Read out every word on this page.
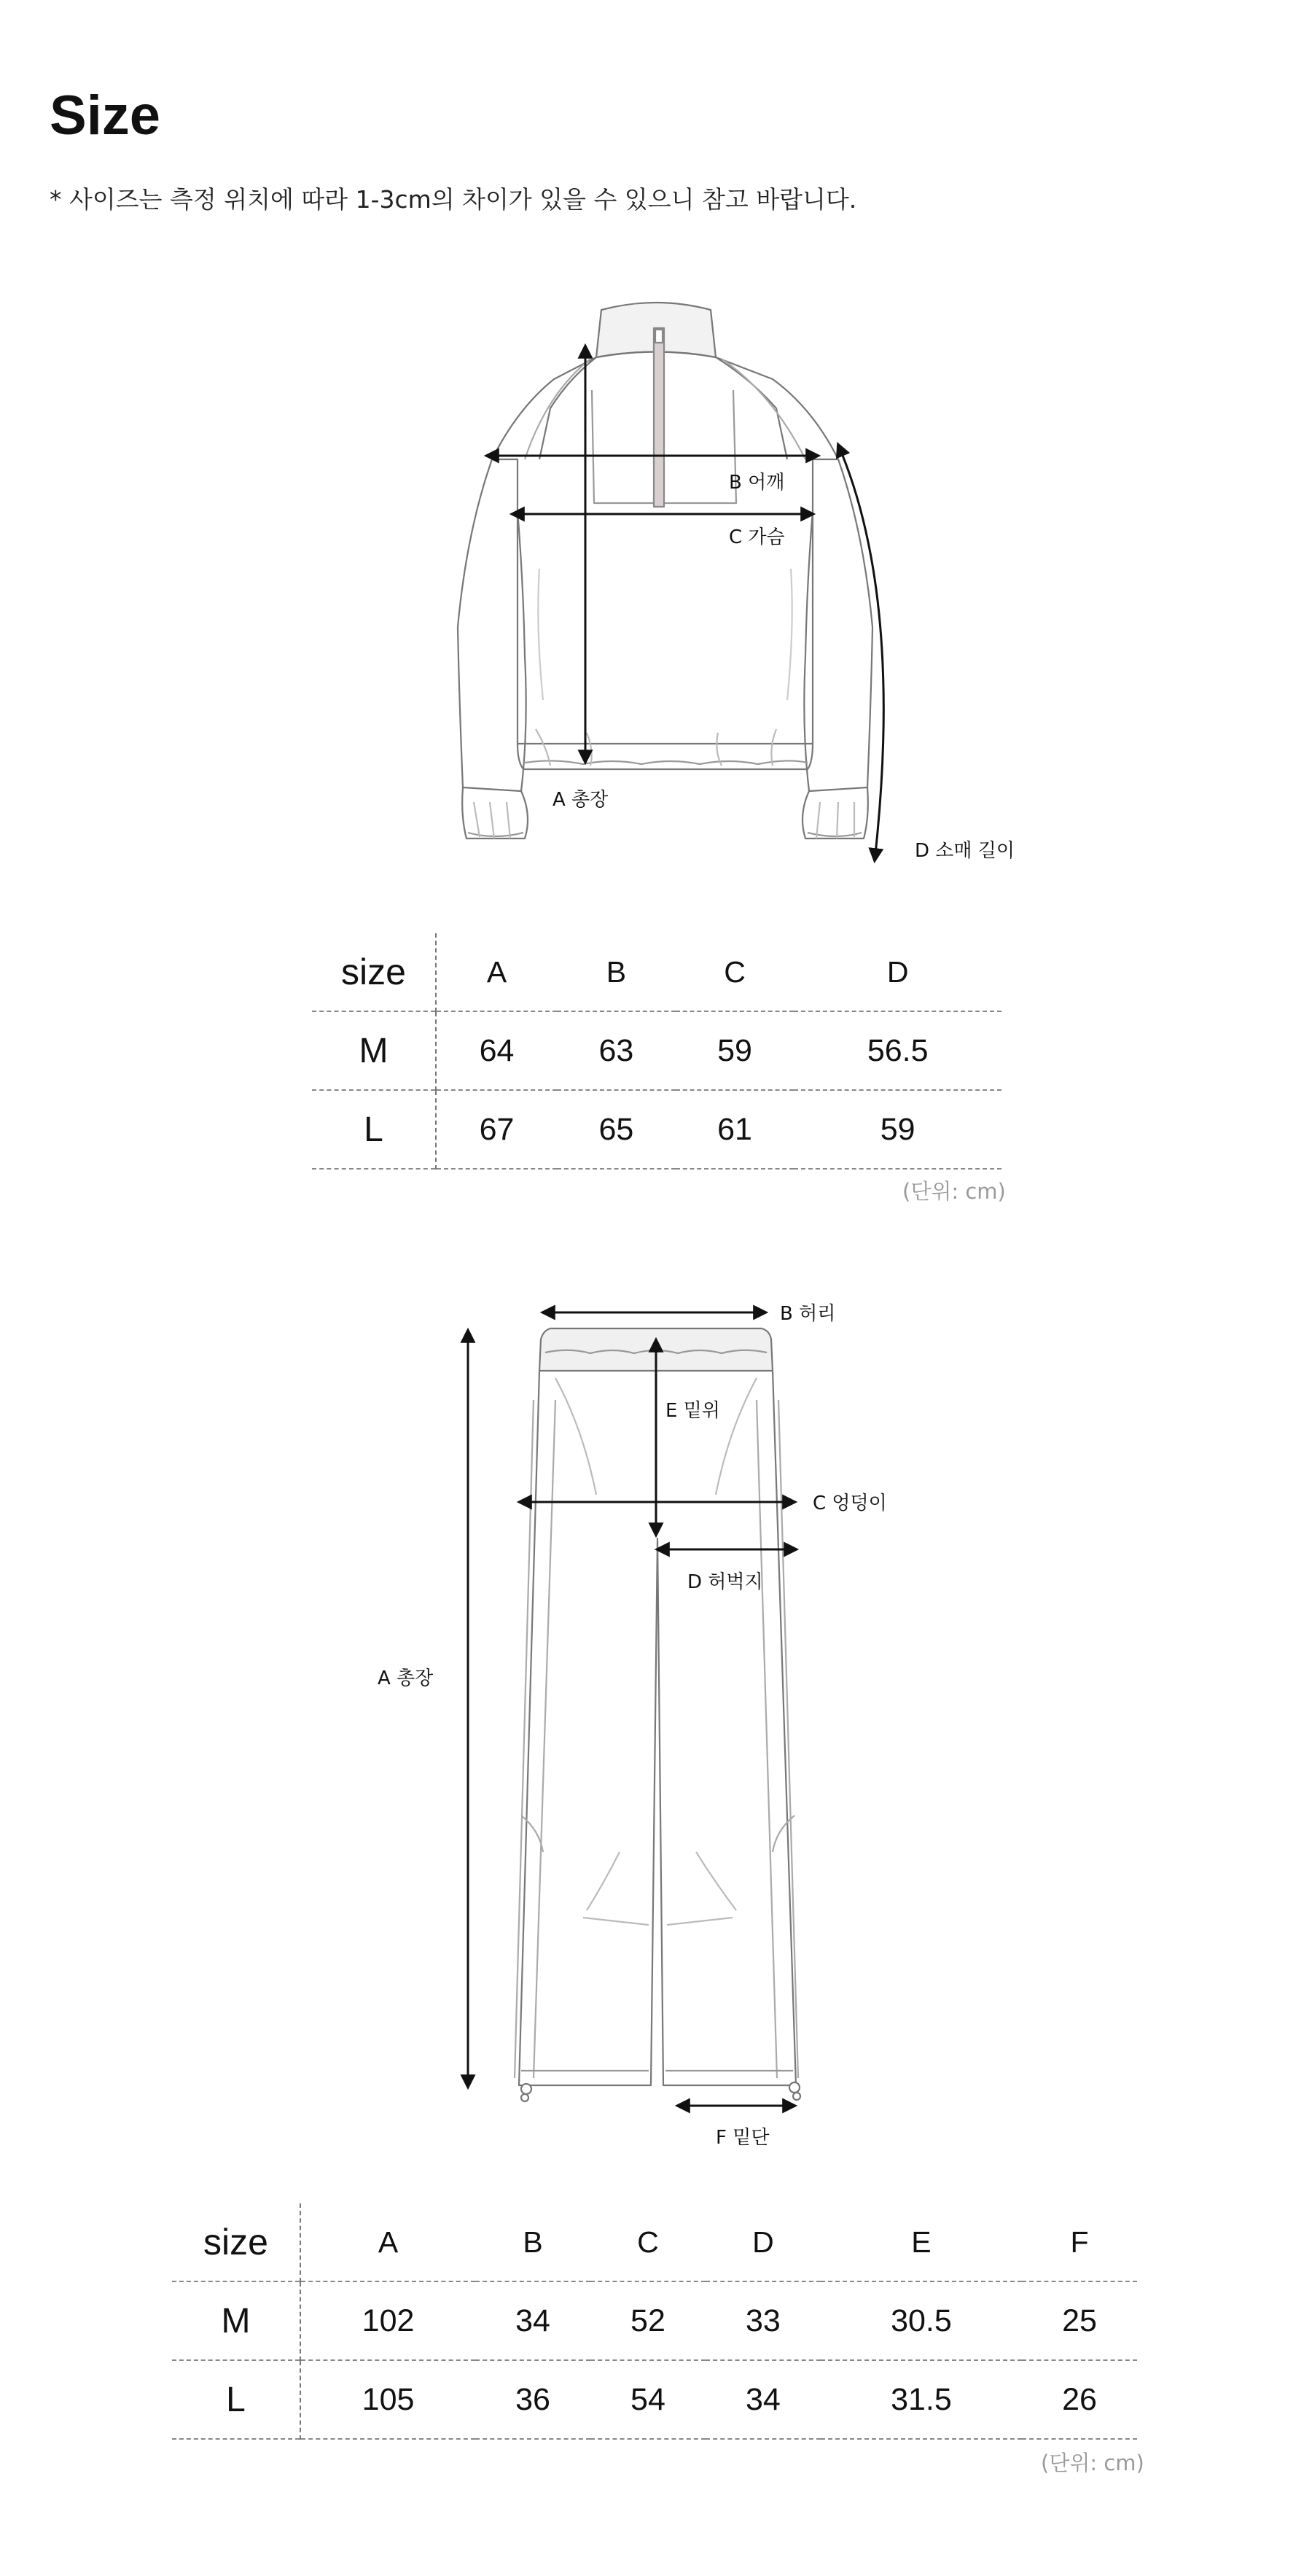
Size
* 사이즈는 측정 위치에 따라 1-3cm의 차이가 있을 수 있으니 참고 바랍니다.
B 어깨
C 가슴
A 총장
D 소매 길이
size	A	B	C	D
M	64	63	59	56.5
L	67	65	61	59
(단위: cm)
B 허리
E 밑위
C 엉덩이
D 허벅지
A 총장
F 밑단
size	A	B	C	D	E	F
M	102	34	52	33	30.5	25
L	105	36	54	34	31.5	26
(단위: cm)
